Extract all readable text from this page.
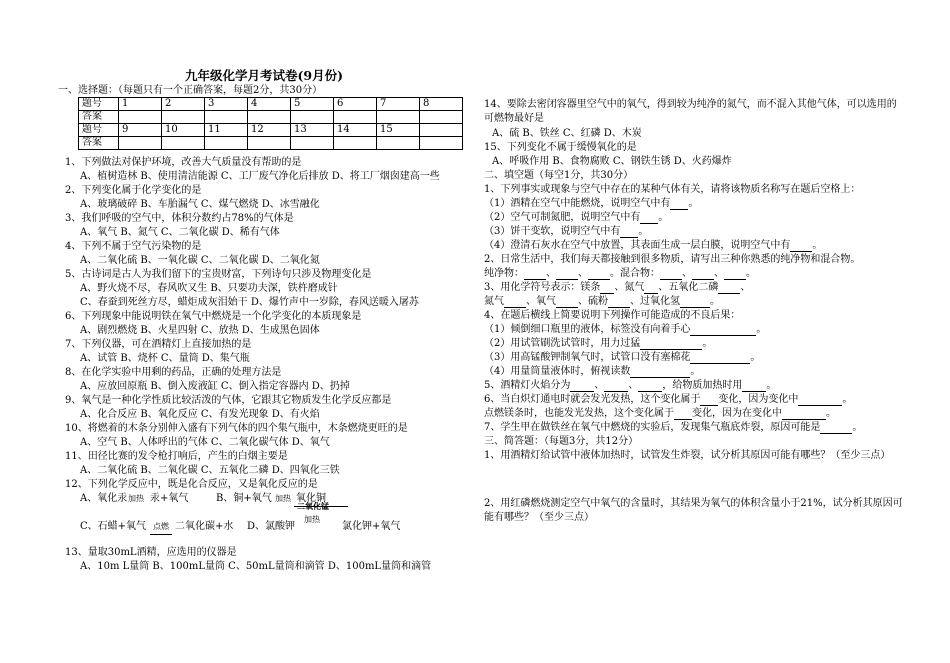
九年级化学月考试卷(9月份)
一、选择题：（每题只有一个正确答案，每题2分，共30分）
题号	1	2	3	4	5	6	7	8
答案								
题号	9	10	11	12	13	14	15	
答案								
1、下列做法对保护环境，改善大气质量没有帮助的是
A、植树造林 B、使用清洁能源 C、工厂废气净化后排放 D、将工厂烟囱建高一些
2、下列变化属于化学变化的是
A、玻璃破碎 B、车胎漏气 C、煤气燃烧 D、冰雪融化
3、我们呼吸的空气中，体积分数约占78%的气体是
A、氧气 B、氮气 C、二氧化碳 D、稀有气体
4、下列不属于空气污染物的是
A、二氧化硫 B、一氧化碳 C、二氧化碳 D、二氧化氮
5、古诗词是古人为我们留下的宝贵财富，下列诗句只涉及物理变化是
A、野火烧不尽，春风吹又生 B、只要功夫深，铁杵磨成针
C、春蚕到死丝方尽，蜡炬成灰泪始干 D、爆竹声中一岁除，春风送暖入屠苏
6、下列现象中能说明铁在氧气中燃烧是一个化学变化的本质现象是
A、剧烈燃烧 B、火星四射 C、放热 D、生成黑色固体
7、下列仪器，可在酒精灯上直接加热的是
A、试管 B、烧杯 C、量筒 D、集气瓶
8、在化学实验中用剩的药品，正确的处理方法是
A、应放回原瓶 B、倒入废液缸 C、倒入指定容器内 D、扔掉
9、氧气是一种化学性质比较活泼的气体，它跟其它物质发生化学反应都是
A、化合反应 B、氧化反应 C、有发光现象 D、有火焰
10、将燃着的木条分别伸入盛有下列气体的四个集气瓶中，木条燃烧更旺的是
A、空气 B、人体呼出的气体 C、二氧化碳气体 D、氧气
11、田径比赛的发令枪打响后，产生的白烟主要是
A、二氧化硫 B、二氧化碳 C、五氧化二磷 D、四氧化三铁
12、下列化学反应中，既是化合反应，又是氧化反应的是
A、氧化汞 加热 汞+氧气	B、铜+氧气 加热 氧化铜
二氧化锰
C、石蜡+氧气 点燃 二氧化碳+水 D、氯酸钾
加热
氯化钾+氧气
13、量取30mL酒精，应选用的仪器是
A、10m L量筒 B、100mL量筒 C、50mL量筒和滴管 D、100mL量筒和滴管
14、要除去密闭容器里空气中的氧气，得到较为纯净的氮气，而不混入其他气体，可以选用的可燃物最好是
A、硫 B、铁丝 C、红磷 D、木炭
15、下列变化不属于缓慢氧化的是
A、呼吸作用 B、食物腐败 C、钢铁生锈 D、火药爆炸
二、填空题（每空1分，共30分）
1、下列事实或现象与空气中存在的某种气体有关，请将该物质名称写在题后空格上：
（1）酒精在空气中能燃烧，说明空气中有 。
（2）空气可制氮肥，说明空气中有 。
（3）饼干变软，说明空气中有 。
（4）澄清石灰水在空气中放置，其表面生成一层白膜，说明空气中有 。
2、日常生活中，我们每天都接触到很多物质，请写出三种你熟悉的纯净物和混合物。
纯净物： 、 、 。混合物： 、 、 。
3、用化学符号表示：镁条 、氮气 、五氧化二磷 、
氮气 、氧气 、硫粉 、过氧化氢	。
4、在题后横线上简要说明下列操作可能造成的不良后果：
（1）倾倒细口瓶里的液体，标签没有向着手心	。
（2）用试管刷洗试管时，用力过猛	。
（3）用高锰酸钾制氧气时，试管口没有塞棉花	。
（4）用量筒量液体时，俯视读数	。
5、酒精灯火焰分为 、 、 ，给物质加热时用 。
6、当白炽灯通电时就会发光发热，这个变化属于 变化，因为变化中	。
点燃镁条时，也能发光发热，这个变化属于 变化，因为在变化中	。
7、学生甲在做铁丝在氧气中燃烧的实验后，发现集气瓶底炸裂，原因可能是	。
三、简答题：（每题3分，共12分）
1、用酒精灯给试管中液体加热时，试管发生炸裂，试分析其原因可能有哪些？（至少三点）
2、用红磷燃烧测定空气中氧气的含量时，其结果为氧气的体积含量小于21%，试分析其原因可能有哪些？（至少三点）
